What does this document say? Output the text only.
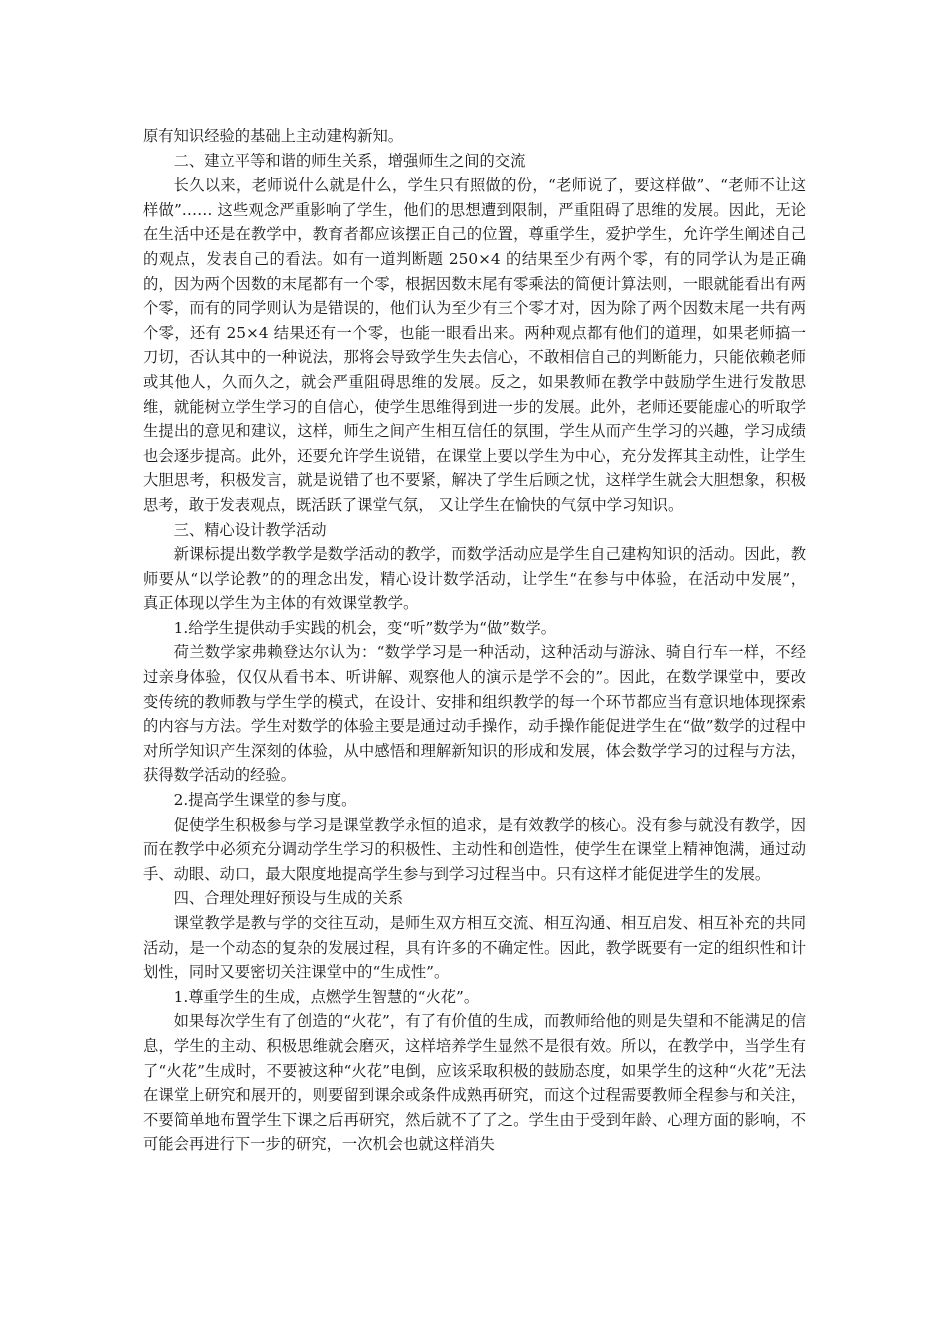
原有知识经验的基础上主动建构新知。

二、建立平等和谐的师生关系，增强师生之间的交流

长久以来，老师说什么就是什么，学生只有照做的份，“老师说了，要这样做”、“老师不让这样做”…… 这些观念严重影响了学生，他们的思想遭到限制，严重阻碍了思维的发展。因此，无论在生活中还是在教学中，教育者都应该摆正自己的位置，尊重学生，爱护学生，允许学生阐述自己的观点，发表自己的看法。如有一道判断题 250×4 的结果至少有两个零，有的同学认为是正确的，因为两个因数的末尾都有一个零，根据因数末尾有零乘法的简便计算法则，一眼就能看出有两个零，而有的同学则认为是错误的，他们认为至少有三个零才对，因为除了两个因数末尾一共有两个零，还有 25×4 结果还有一个零，也能一眼看出来。两种观点都有他们的道理，如果老师搞一刀切，否认其中的一种说法，那将会导致学生失去信心，不敢相信自己的判断能力，只能依赖老师或其他人，久而久之，就会严重阻碍思维的发展。反之，如果教师在教学中鼓励学生进行发散思维，就能树立学生学习的自信心，使学生思维得到进一步的发展。此外，老师还要能虚心的听取学生提出的意见和建议，这样，师生之间产生相互信任的氛围，学生从而产生学习的兴趣，学习成绩也会逐步提高。此外，还要允许学生说错，在课堂上要以学生为中心，充分发挥其主动性，让学生大胆思考，积极发言，就是说错了也不要紧，解决了学生后顾之忧，这样学生就会大胆想象，积极思考，敢于发表观点，既活跃了课堂气氛， 又让学生在愉快的气氛中学习知识。

三、精心设计教学活动

新课标提出数学教学是数学活动的教学，而数学活动应是学生自己建构知识的活动。因此，教师要从“以学论教”的的理念出发，精心设计数学活动，让学生“在参与中体验，在活动中发展”， 真正体现以学生为主体的有效课堂教学。

1.给学生提供动手实践的机会，变“听”数学为“做”数学。

荷兰数学家弗赖登达尔认为：“数学学习是一种活动，这种活动与游泳、骑自行车一样，不经过亲身体验，仅仅从看书本、听讲解、观察他人的演示是学不会的”。因此，在数学课堂中，要改变传统的教师教与学生学的模式，在设计、安排和组织教学的每一个环节都应当有意识地体现探索的内容与方法。学生对数学的体验主要是通过动手操作，动手操作能促进学生在“做”数学的过程中对所学知识产生深刻的体验，从中感悟和理解新知识的形成和发展，体会数学学习的过程与方法，获得数学活动的经验。

2.提高学生课堂的参与度。

促使学生积极参与学习是课堂教学永恒的追求，是有效教学的核心。没有参与就没有教学，因而在教学中必须充分调动学生学习的积极性、主动性和创造性，使学生在课堂上精神饱满，通过动手、动眼、动口，最大限度地提高学生参与到学习过程当中。只有这样才能促进学生的发展。

四、合理处理好预设与生成的关系

课堂教学是教与学的交往互动，是师生双方相互交流、相互沟通、相互启发、相互补充的共同活动，是一个动态的复杂的发展过程，具有许多的不确定性。因此，教学既要有一定的组织性和计划性，同时又要密切关注课堂中的“生成性”。

1.尊重学生的生成，点燃学生智慧的“火花”。

如果每次学生有了创造的“火花”，有了有价值的生成，而教师给他的则是失望和不能满足的信息，学生的主动、积极思维就会磨灭，这样培养学生显然不是很有效。所以，在教学中，当学生有了“火花”生成时，不要被这种“火花”电倒，应该采取积极的鼓励态度，如果学生的这种“火花”无法在课堂上研究和展开的，则要留到课余或条件成熟再研究，而这个过程需要教师全程参与和关注，不要简单地布置学生下课之后再研究，然后就不了了之。学生由于受到年龄、心理方面的影响，不可能会再进行下一步的研究，一次机会也就这样消失
